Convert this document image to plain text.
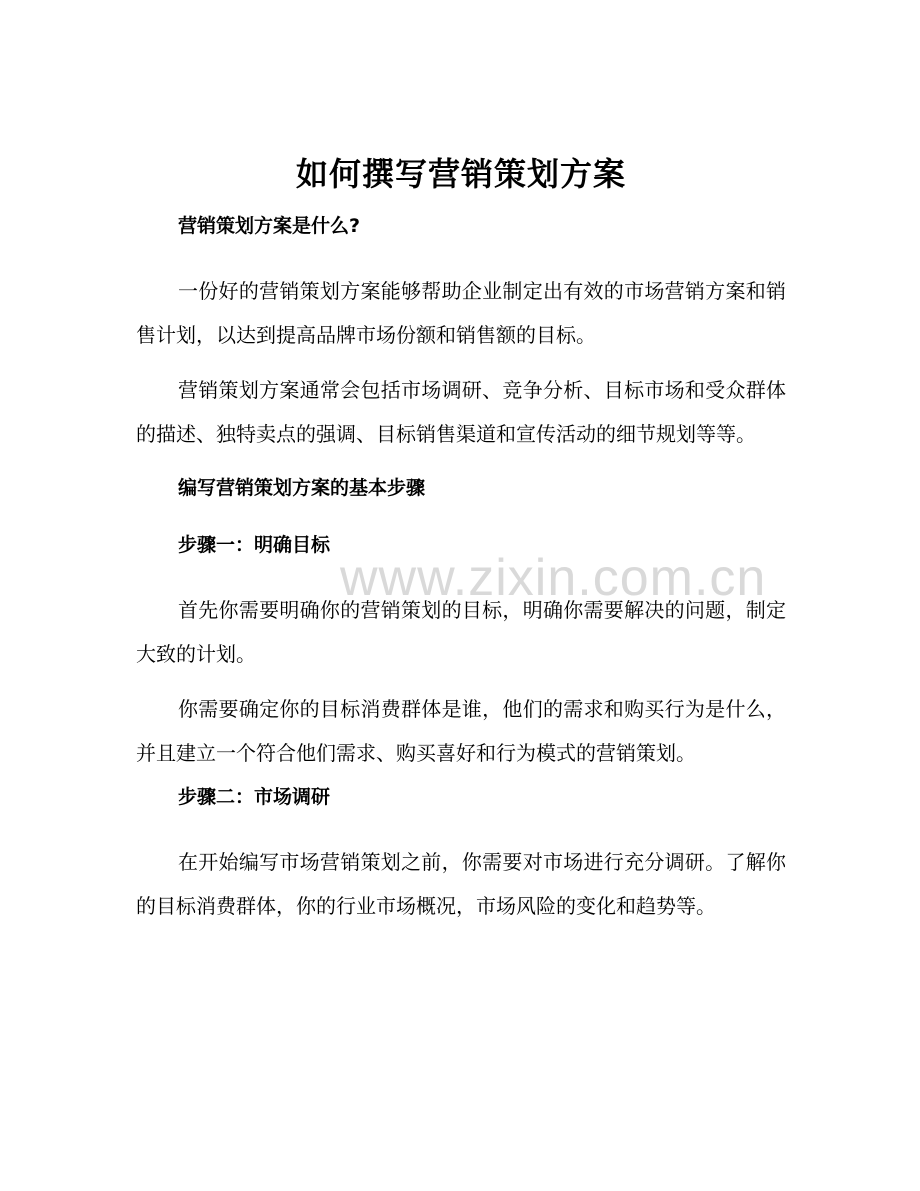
如何撰写营销策划方案
营销策划方案是什么?

一份好的营销策划方案能够帮助企业制定出有效的市场营销方案和销售计划，以达到提高品牌市场份额和销售额的目标。

营销策划方案通常会包括市场调研、竞争分析、目标市场和受众群体的描述、独特卖点的强调、目标销售渠道和宣传活动的细节规划等等。

编写营销策划方案的基本步骤
步骤一：明确目标

首先你需要明确你的营销策划的目标，明确你需要解决的问题，制定大致的计划。

你需要确定你的目标消费群体是谁，他们的需求和购买行为是什么，并且建立一个符合他们需求、购买喜好和行为模式的营销策划。

步骤二：市场调研

在开始编写市场营销策划之前，你需要对市场进行充分调研。了解你的目标消费群体，你的行业市场概况，市场风险的变化和趋势等。

www.zixin.com.cn
